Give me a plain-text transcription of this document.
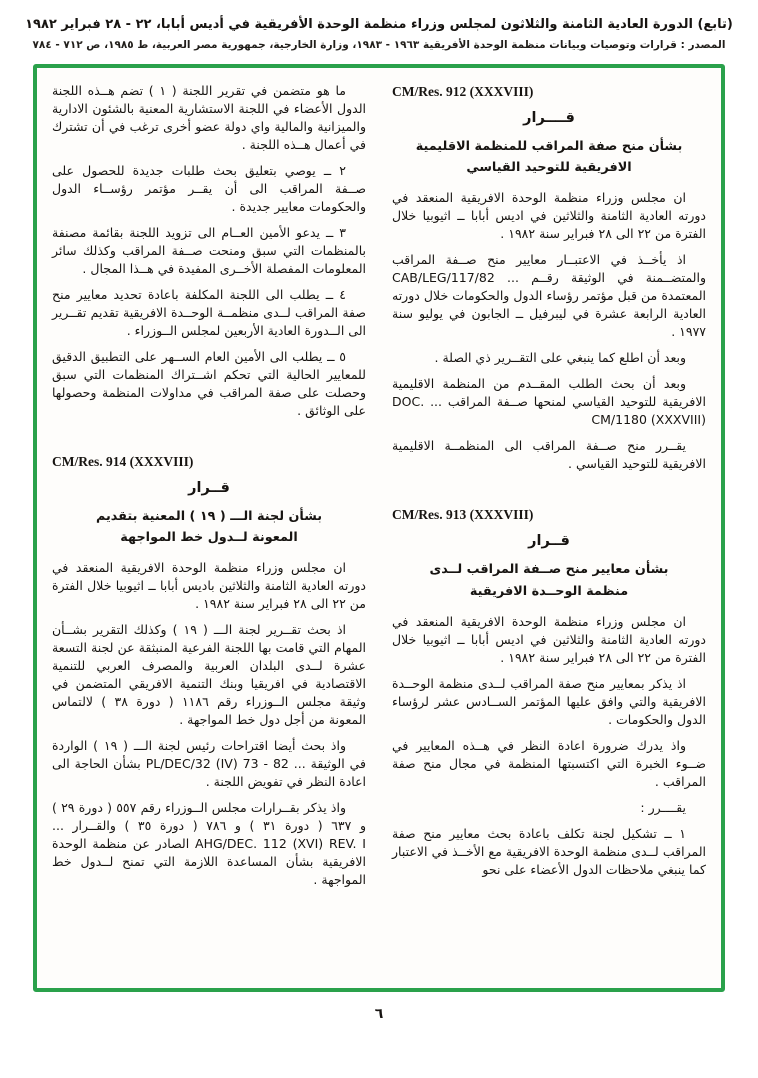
(تابع) الدورة العادية الثامنة والثلاثون لمجلس وزراء منظمة الوحدة الأفريقية في أديس أبابا، ٢٢ - ٢٨ فبراير ١٩٨٢
المصدر : قرارات وتوصيات وبيانات منظمة الوحدة الأفريقية ١٩٦٣ - ١٩٨٣، وزارة الخارجية، جمهورية مصر العربية، ط ١٩٨٥، ص ٧١٢ - ٧٨٤
CM/Res. 912 (XXXVIII)
قــــرار
بشأن منح صفة المراقب للمنظمة الاقليمية
الافريقية للتوحيد القياسي

ان مجلس وزراء منظمة الوحدة الافريقية المنعقد في دورته العادية الثامنة والثلاثين في اديس أبابا ــ اثيوبيا خلال الفترة من ٢٢ الى ٢٨ فبراير سنة ١٩٨٢ .

اذ يأخــذ في الاعتبــار معايير منح صــفة المراقب والمتضــمنة في الوثيقة رقــم ... CAB/LEG/117/82 المعتمدة من قبل مؤتمر رؤساء الدول والحكومات خلال دورته العادية الرابعة عشرة في ليبرفيل ــ الجابون في يوليو سنة ١٩٧٧ .

وبعد أن اطلع كما ينبغي على التقــرير ذي الصلة .

وبعد أن بحث الطلب المقــدم من المنظمة الاقليمية الافريقية للتوحيد القياسي لمنحها صــفة المراقب ... DOC. CM/1180 (XXXVIII)

يقــرر منح صــفة المراقب الى المنظمــة الاقليمية الافريقية للتوحيد القياسي .

CM/Res. 913 (XXXVIII)
قــرار
بشأن معايير منح صــفة المراقب لــدى
منظمة الوحــدة الافريقية

ان مجلس وزراء منظمة الوحدة الافريقية المنعقد في دورته العادية الثامنة والثلاثين في اديس أبابا ــ اثيوبيا خلال الفترة من ٢٢ الى ٢٨ فبراير سنة ١٩٨٢ .

اذ يذكر بمعايير منح صفة المراقب لــدى منظمة الوحــدة الافريقية والتي وافق عليها المؤتمر الســادس عشر لرؤساء الدول والحكومات .

واذ يدرك ضرورة اعادة النظر في هــذه المعايير في ضــوء الخبرة التي اكتسبتها المنظمة في مجال منح صفة المراقب .

يقــــرر :

١ ــ تشكيل لجنة تكلف باعادة بحث معايير منح صفة المراقب لــدى منظمة الوحدة الافريقية مع الأخــذ في الاعتبار كما ينبغي ملاحظات الدول الأعضاء على نحو

ما هو متضمن في تقرير اللجنة ( ١ ) تضم هــذه اللجنة الدول الأعضاء في اللجنة الاستشارية المعنية بالشئون الادارية والميزانية والمالية واي دولة عضو أخرى ترغب في أن تشترك في أعمال هــذه اللجنة .

٢ ــ يوصي بتعليق بحث طلبات جديدة للحصول على صــفة المراقب الى أن يقــر مؤتمر رؤســاء الدول والحكومات معايير جديدة .

٣ ــ يدعو الأمين العــام الى تزويد اللجنة بقائمة مصنفة بالمنظمات التي سبق ومنحت صــفة المراقب وكذلك سائر المعلومات المفصلة الأخــرى المفيدة في هــذا المجال .

٤ ــ يطلب الى اللجنة المكلفة باعادة تحديد معايير منح صفة المراقب لــدى منظمــة الوحــدة الافريقية تقديم تقــرير الى الــدورة العادية الأربعين لمجلس الــوزراء .

٥ ــ يطلب الى الأمين العام الســهر على التطبيق الدقيق للمعايير الحالية التي تحكم اشــتراك المنظمات التي سبق وحصلت على صفة المراقب في مداولات المنظمة وحصولها على الوثائق .

CM/Res. 914 (XXXVIII)
قــرار
بشأن لجنة الـــ ( ١٩ ) المعنية بتقديم
المعونة لــدول خط المواجهة

ان مجلس وزراء منظمة الوحدة الافريقية المنعقد في دورته العادية الثامنة والثلاثين باديس أبابا ــ اثيوبيا خلال الفترة من ٢٢ الى ٢٨ فبراير سنة ١٩٨٢ .

اذ بحث تقــرير لجنة الـــ ( ١٩ ) وكذلك التقرير بشــأن المهام التي قامت بها اللجنة الفرعية المنبثقة عن لجنة التسعة عشرة لــدى البلدان العربية والمصرف العربي للتنمية الاقتصادية في افريقيا وبنك التنمية الافريقي المتضمن في وثيقة مجلس الــوزراء رقم ١١٨٦ ( دورة ٣٨ ) لالتماس المعونة من أجل دول خط المواجهة .

واذ بحث أيضا اقتراحات رئيس لجنة الـــ ( ١٩ ) الواردة في الوثيقة ... PL/DEC/32 (IV) 73 - 82 بشأن الحاجة الى اعادة النظر في تفويض اللجنة .

واذ يذكر بقــرارات مجلس الــوزراء رقم ٥٥٧ ( دورة ٢٩ ) و ٦٣٧ ( دورة ٣١ ) و ٧٨٦ ( دورة ٣٥ ) والقــرار ... AHG/DEC. 112 (XVI) REV. I الصادر عن منظمة الوحدة الافريقية بشأن المساعدة اللازمة التي تمنح لــدول خط المواجهة .

٦
